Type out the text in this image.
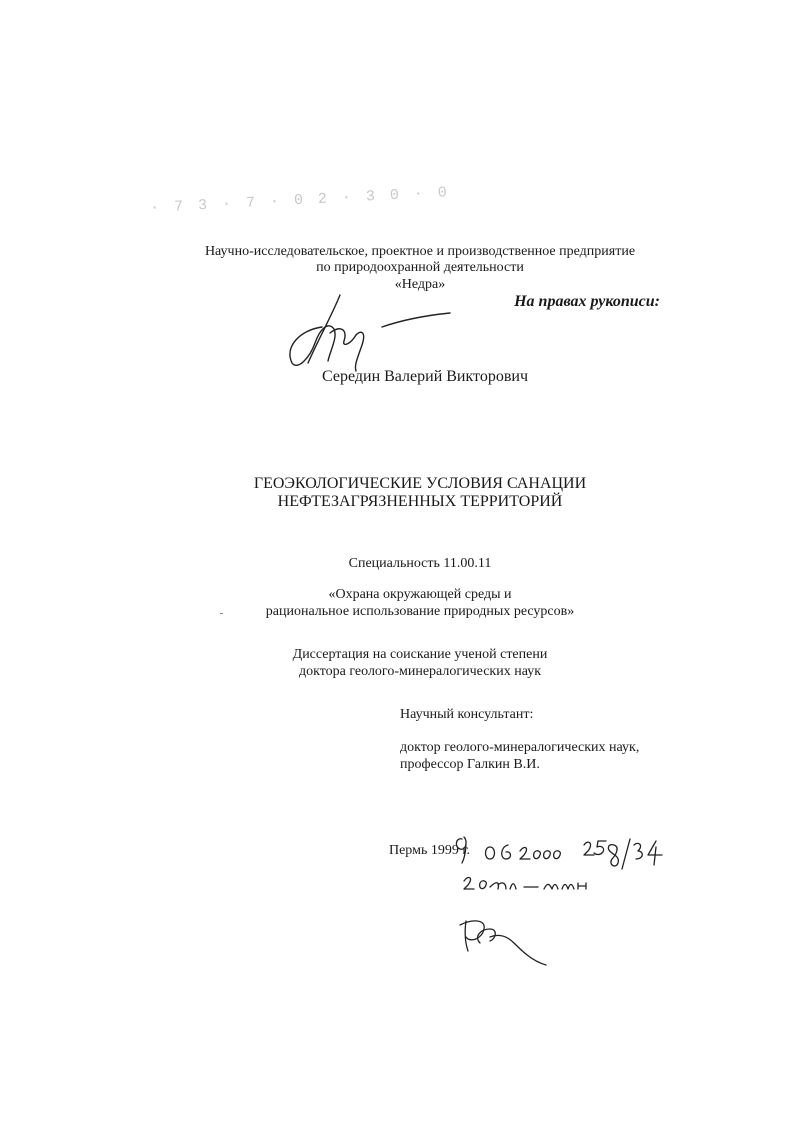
· 7 3 · 7 · 0 2 · 3 0 · 0

Научно-исследовательское, проектное и производственное предприятие

по природоохранной деятельности

«Недра»

На правах рукописи:

Середин Валерий Викторович

ГЕОЭКОЛОГИЧЕСКИЕ УСЛОВИЯ САНАЦИИ

НЕФТЕЗАГРЯЗНЕННЫХ ТЕРРИТОРИЙ

Специальность 11.00.11

«Охрана окружающей среды и

рациональное использование природных ресурсов»

Диссертация на соискание ученой степени

доктора геолого-минералогических наук

Научный консультант:

доктор геолого-минералогических наук,

профессор Галкин В.И.

Пермь 1999 г.
